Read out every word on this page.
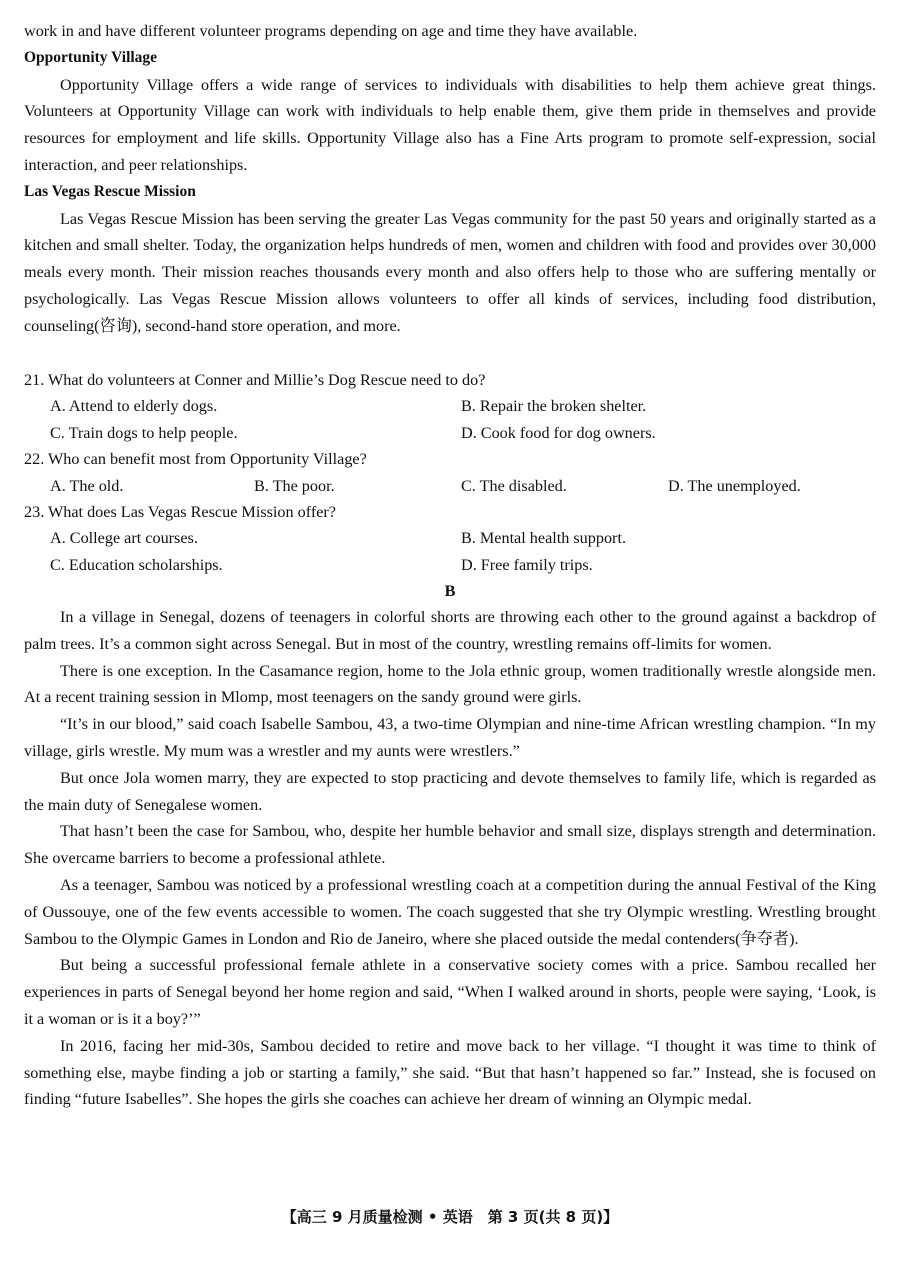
work in and have different volunteer programs depending on age and time they have available.

Opportunity Village

Opportunity Village offers a wide range of services to individuals with disabilities to help them achieve great things. Volunteers at Opportunity Village can work with individuals to help enable them, give them pride in themselves and provide resources for employment and life skills. Opportunity Village also has a Fine Arts program to promote self-expression, social interaction, and peer relationships.

Las Vegas Rescue Mission

Las Vegas Rescue Mission has been serving the greater Las Vegas community for the past 50 years and originally started as a kitchen and small shelter. Today, the organization helps hundreds of men, women and children with food and provides over 30,000 meals every month. Their mission reaches thousands every month and also offers help to those who are suffering mentally or psychologically. Las Vegas Rescue Mission allows volunteers to offer all kinds of services, including food distribution, counseling(咨询), second-hand store operation, and more.

21. What do volunteers at Conner and Millie’s Dog Rescue need to do?

A. Attend to elderly dogs.	B. Repair the broken shelter.
C. Train dogs to help people.	D. Cook food for dog owners.

22. Who can benefit most from Opportunity Village?

A. The old.	B. The poor.	C. The disabled.	D. The unemployed.

23. What does Las Vegas Rescue Mission offer?

A. College art courses.	B. Mental health support.
C. Education scholarships.	D. Free family trips.

B

In a village in Senegal, dozens of teenagers in colorful shorts are throwing each other to the ground against a backdrop of palm trees. It’s a common sight across Senegal. But in most of the country, wrestling remains off-limits for women.

There is one exception. In the Casamance region, home to the Jola ethnic group, women traditionally wrestle alongside men. At a recent training session in Mlomp, most teenagers on the sandy ground were girls.

“It’s in our blood,” said coach Isabelle Sambou, 43, a two-time Olympian and nine-time African wrestling champion. “In my village, girls wrestle. My mum was a wrestler and my aunts were wrestlers.”

But once Jola women marry, they are expected to stop practicing and devote themselves to family life, which is regarded as the main duty of Senegalese women.

That hasn’t been the case for Sambou, who, despite her humble behavior and small size, displays strength and determination. She overcame barriers to become a professional athlete.

As a teenager, Sambou was noticed by a professional wrestling coach at a competition during the annual Festival of the King of Oussouye, one of the few events accessible to women. The coach suggested that she try Olympic wrestling. Wrestling brought Sambou to the Olympic Games in London and Rio de Janeiro, where she placed outside the medal contenders(争夺者).

But being a successful professional female athlete in a conservative society comes with a price. Sambou recalled her experiences in parts of Senegal beyond her home region and said, “When I walked around in shorts, people were saying, ‘Look, is it a woman or is it a boy?’”

In 2016, facing her mid-30s, Sambou decided to retire and move back to her village. “I thought it was time to think of something else, maybe finding a job or starting a family,” she said. “But that hasn’t happened so far.” Instead, she is focused on finding “future Isabelles”. She hopes the girls she coaches can achieve her dream of winning an Olympic medal.

【高三 9 月质量检测 • 英语　第 3 页(共 8 页)】
